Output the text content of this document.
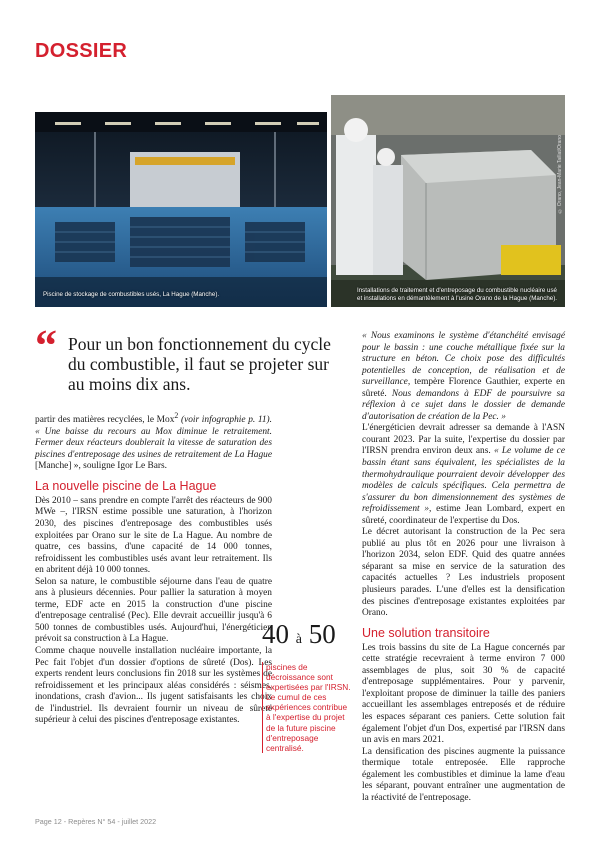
DOSSIER
Piscine de stockage de combustibles usés, La Hague (Manche).
© Orano, Jean-Marie Taillat/Orano
Installations de traitement et d'entreposage du combustible nucléaire usé
et installations en démantèlement à l'usine Orano de la Hague (Manche).
“ Pour un bon fonctionnement du cycle du combustible, il faut se projeter sur au moins dix ans.

partir des matières recyclées, le Mox$^2$ (voir infographie p. 11). « Une baisse du recours au Mox diminue le retraitement. Fermer deux réacteurs doublerait la vitesse de saturation des piscines d'entreposage des usines de retraitement de La Hague [Manche] », souligne Igor Le Bars.

La nouvelle piscine de La Hague

Dès 2010 – sans prendre en compte l'arrêt des réacteurs de 900 MWe –, l'IRSN estime possible une saturation, à l'horizon 2030, des piscines d'entreposage des combustibles usés exploitées par Orano sur le site de La Hague. Au nombre de quatre, ces bassins, d'une capacité de 14 000 tonnes, refroidissent les combustibles usés avant leur retraitement. Ils en abritent déjà 10 000 tonnes.

Selon sa nature, le combustible séjourne dans l'eau de quatre ans à plusieurs décennies. Pour pallier la saturation à moyen terme, EDF acte en 2015 la construction d'une piscine d'entreposage centralisé (Pec). Elle devrait accueillir jusqu'à 6 500 tonnes de combustibles usés. Aujourd'hui, l'énergéticien prévoit sa construction à La Hague.

Comme chaque nouvelle installation nucléaire importante, la Pec fait l'objet d'un dossier d'options de sûreté (Dos). Les experts rendent leurs conclusions fin 2018 sur les systèmes de refroidissement et les principaux aléas considérés : séismes, inondations, crash d'avion... Ils jugent satisfaisants les choix de l'industriel. Ils devraient fournir un niveau de sûreté supérieur à celui des piscines d'entreposage existantes.

40 à 50
piscines de décroissance sont expertisées par l'IRSN. Le cumul de ces expériences contribue à l'expertise du projet de la future piscine d'entreposage centralisé.

« Nous examinons le système d'étanchéité envisagé pour le bassin : une couche métallique fixée sur la structure en béton. Ce choix pose des difficultés potentielles de conception, de réalisation et de surveillance, tempère Florence Gauthier, experte en sûreté. Nous demandons à EDF de poursuivre sa réflexion à ce sujet dans le dossier de demande d'autorisation de création de la Pec. »

L'énergéticien devrait adresser sa demande à l'ASN courant 2023. Par la suite, l'expertise du dossier par l'IRSN prendra environ deux ans. « Le volume de ce bassin étant sans équivalent, les spécialistes de la thermohydraulique pourraient devoir développer des modèles de calculs spécifiques. Cela permettra de s'assurer du bon dimensionnement des systèmes de refroidissement », estime Jean Lombard, expert en sûreté, coordinateur de l'expertise du Dos.

Le décret autorisant la construction de la Pec sera publié au plus tôt en 2026 pour une livraison à l'horizon 2034, selon EDF. Quid des quatre années séparant sa mise en service de la saturation des capacités actuelles ? Les industriels proposent plusieurs parades. L'une d'elles est la densification des piscines d'entreposage existantes exploitées par Orano.

Une solution transitoire

Les trois bassins du site de La Hague concernés par cette stratégie recevraient à terme environ 7 000 assemblages de plus, soit 30 % de capacité d'entreposage supplémentaires. Pour y parvenir, l'exploitant propose de diminuer la taille des paniers accueillant les assemblages entreposés et de réduire les espaces séparant ces paniers. Cette solution fait également l'objet d'un Dos, expertisé par l'IRSN dans un avis en mars 2021.

La densification des piscines augmente la puissance thermique totale entreposée. Elle rapproche également les combustibles et diminue la lame d'eau les séparant, pouvant entraîner une augmentation de la réactivité de l'entreposage.

Page 12 - Repères N° 54 - juillet 2022
